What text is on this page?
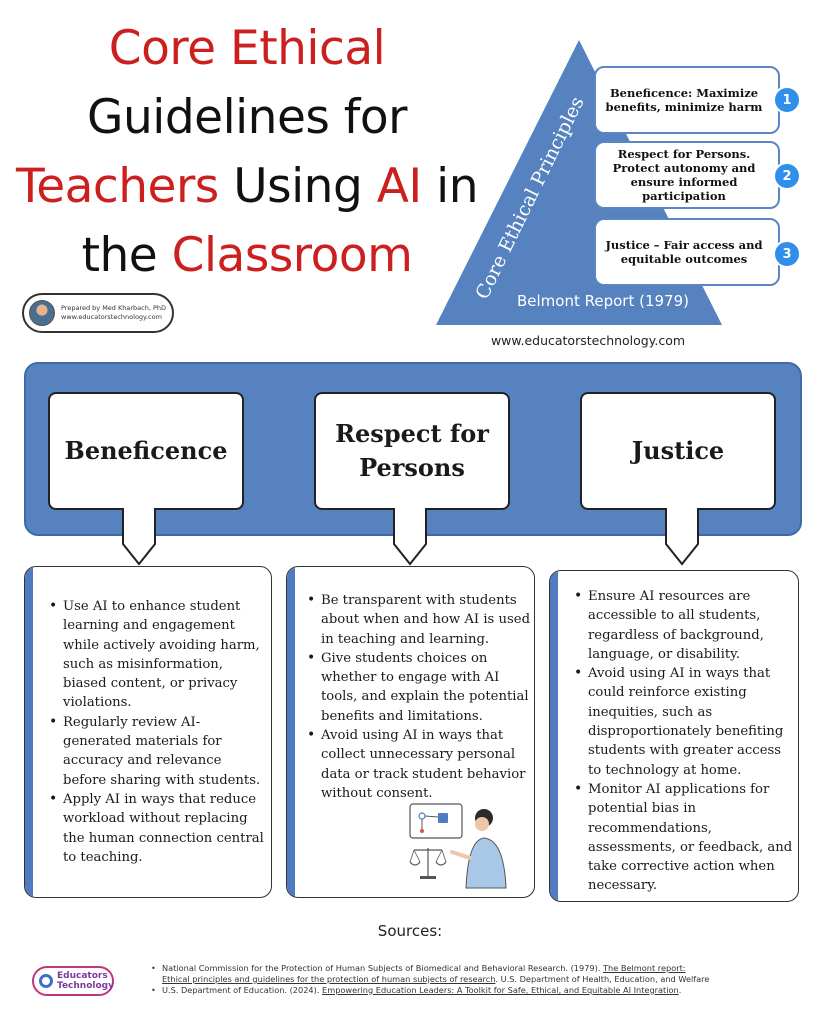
Core Ethical
Guidelines for
Teachers Using AI in
the Classroom
Prepared by Med Kharbach, PhD
www.educatorstechnology.com
Core Ethical Principles
Belmont Report (1979)
Beneficence: Maximize benefits, minimize harm	1
Respect for Persons. Protect autonomy and ensure informed participation
2
Justice – Fair access and equitable outcomes	3
www.educatorstechnology.com
Beneficence
Respect for Persons
Justice
• Use AI to enhance student learning and engagement while actively avoiding harm, such as misinformation, biased content, or privacy violations.
• Regularly review AI-generated materials for accuracy and relevance before sharing with students.
• Apply AI in ways that reduce workload without replacing the human connection central to teaching.
• Be transparent with students about when and how AI is used in teaching and learning.
• Give students choices on whether to engage with AI tools, and explain the potential benefits and limitations.
• Avoid using AI in ways that collect unnecessary personal data or track student behavior without consent.
• Ensure AI resources are accessible to all students, regardless of background, language, or disability.
• Avoid using AI in ways that could reinforce existing inequities, such as disproportionately benefiting students with greater access to technology at home.
• Monitor AI applications for potential bias in recommendations, assessments, or feedback, and take corrective action when necessary.
Sources:
Educators
Technology
• National Commission for the Protection of Human Subjects of Biomedical and Behavioral Research. (1979). The Belmont report: Ethical principles and guidelines for the protection of human subjects of research. U.S. Department of Health, Education, and Welfare
• U.S. Department of Education. (2024). Empowering Education Leaders: A Toolkit for Safe, Ethical, and Equitable AI Integration.
